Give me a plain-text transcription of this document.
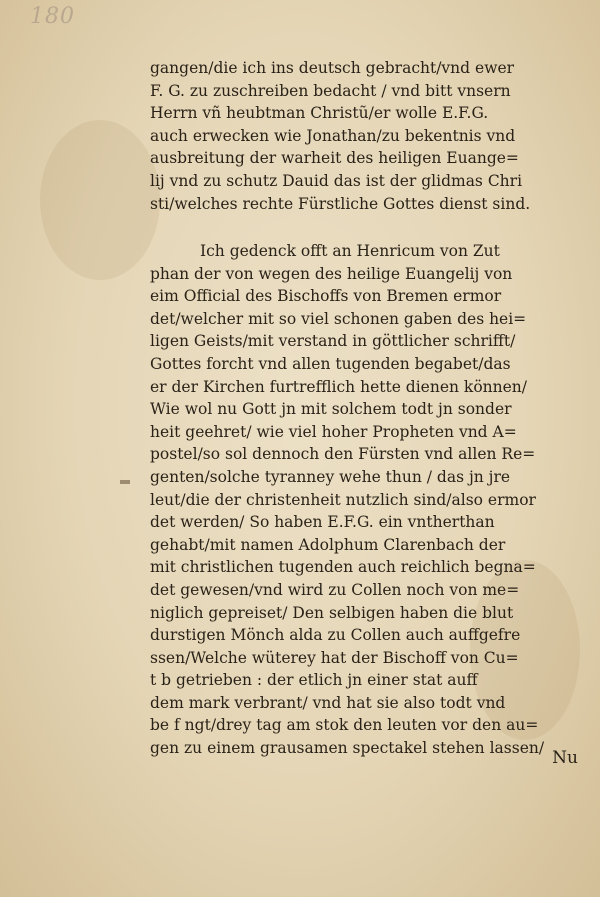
180
gangen/die ich ins deutsch gebracht/vnd ewer
F. G. zu zuschreiben bedacht / vnd bitt vnsern
Herrn vñ heubtman Christũ/er wolle E.F.G.
auch erwecken wie Jonathan/zu bekentnis vnd
ausbreitung der warheit des heiligen Euange=
lij vnd zu schutz Dauid das ist der glidmas Chri
sti/welches rechte Fürstliche Gottes dienst sind.
Ich gedenck offt an Henricum von Zut
phan der von wegen des heilige Euangelij von
eim Official des Bischoffs von Bremen ermor
det/welcher mit so viel schonen gaben des hei=
ligen Geists/mit verstand in göttlicher schrifft/
Gottes forcht vnd allen tugenden begabet/das
er der Kirchen furtrefflich hette dienen können/
Wie wol nu Gott jn mit solchem todt jn sonder
heit geehret/ wie viel hoher Propheten vnd A=
postel/so sol dennoch den Fürsten vnd allen Re=
genten/solche tyranney wehe thun / das jn jre
leut/die der christenheit nutzlich sind/also ermor
det werden/ So haben E.F.G. ein vntherthan
gehabt/mit namen Adolphum Clarenbach der
mit christlichen tugenden auch reichlich begna=
det gewesen/vnd wird zu Collen noch von me=
niglich gepreiset/ Den selbigen haben die blut
durstigen Mönch alda zu Collen auch auffgefre
ssen/Welche wüterey hat der Bischoff von Cu=
t b getrieben : der etlich jn einer stat auff
dem mark verbrant/ vnd hat sie also todt vnd
be f ngt/drey tag am stok den leuten vor den au=
gen zu einem grausamen spectakel stehen lassen/ Nu
